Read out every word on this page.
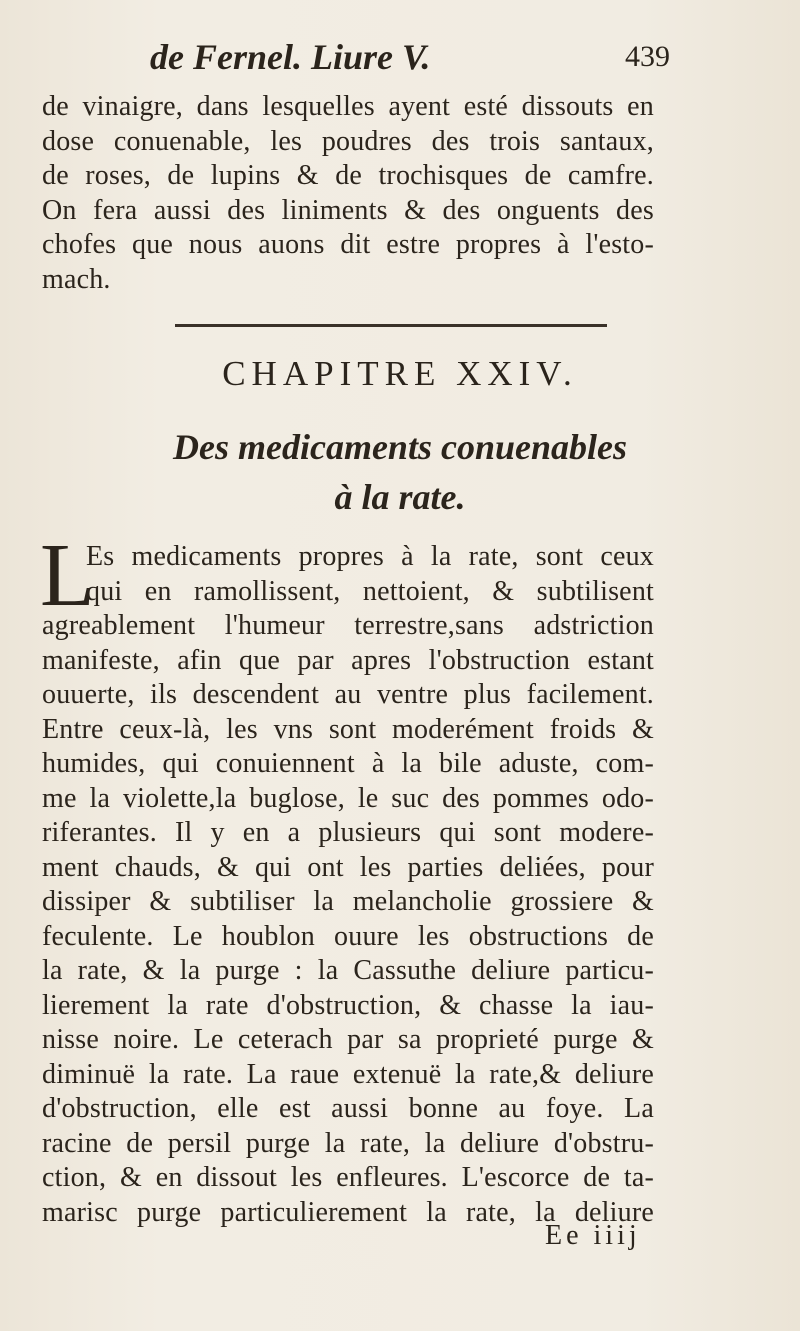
de Fernel. Liure V.	439
de vinaigre, dans lesquelles ayent esté dissouts en
dose conuenable, les poudres des trois santaux,
de roses, de lupins & de trochisques de camfre.
On fera aussi des liniments & des onguents des
chofes que nous auons dit estre propres à l'esto-
mach.
CHAPITRE XXIV.
Des medicaments conuenables
à la rate.
L
Es medicaments propres à la rate, sont ceux
qui en ramollissent, nettoient, & subtilisent
agreablement l'humeur terrestre,sans adstriction
manifeste, afin que par apres l'obstruction estant
ouuerte, ils descendent au ventre plus facilement.
Entre ceux-là, les vns sont moderément froids &
humides, qui conuiennent à la bile aduste, com-
me la violette,la buglose, le suc des pommes odo-
riferantes. Il y en a plusieurs qui sont modere-
ment chauds, & qui ont les parties deliées, pour
dissiper & subtiliser la melancholie grossiere &
feculente. Le houblon ouure les obstructions de
la rate, & la purge : la Cassuthe deliure particu-
lierement la rate d'obstruction, & chasse la iau-
nisse noire. Le ceterach par sa proprieté purge &
diminuë la rate. La raue extenuë la rate,& deliure
d'obstruction, elle est aussi bonne au foye. La
racine de persil purge la rate, la deliure d'obstru-
ction, & en dissout les enfleures. L'escorce de ta-
marisc purge particulierement la rate, la deliure
Ee iiij
